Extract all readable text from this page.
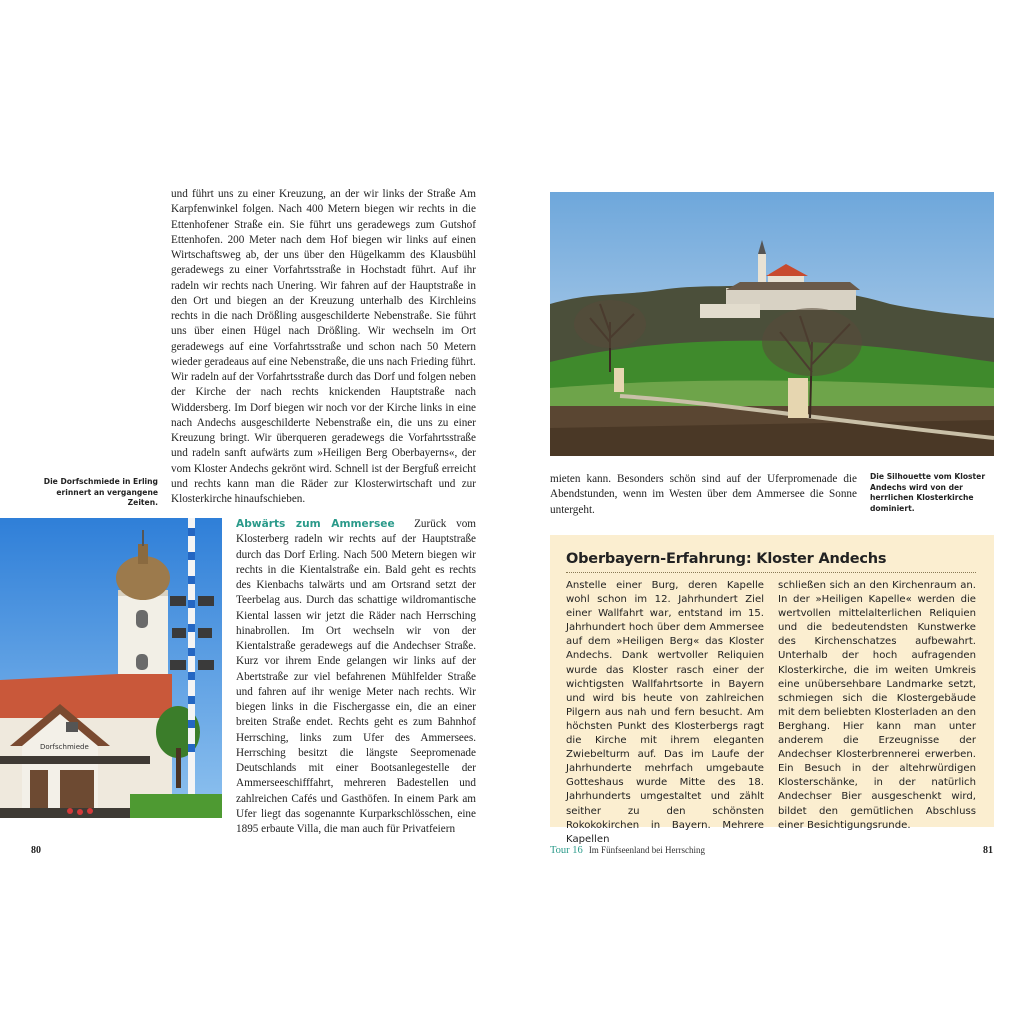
und führt uns zu einer Kreuzung, an der wir links der Straße Am Karpfenwinkel folgen. Nach 400 Metern biegen wir rechts in die Ettenhofener Straße ein. Sie führt uns geradewegs zum Gutshof Ettenhofen. 200 Meter nach dem Hof biegen wir links auf einen Wirtschaftsweg ab, der uns über den Hügelkamm des Klausbühl geradewegs zu einer Vorfahrtsstraße in Hochstadt führt. Auf ihr radeln wir rechts nach Unering. Wir fahren auf der Hauptstraße in den Ort und biegen an der Kreuzung unterhalb des Kirchleins rechts in die nach Drößling ausgeschilderte Nebenstraße. Sie führt uns über einen Hügel nach Drößling. Wir wechseln im Ort geradewegs auf eine Vorfahrtsstraße und schon nach 50 Metern wieder geradeaus auf eine Nebenstraße, die uns nach Frieding führt.

Wir radeln auf der Vorfahrtsstraße durch das Dorf und folgen neben der Kirche der nach rechts knickenden Hauptstraße nach Widdersberg. Im Dorf biegen wir noch vor der Kirche links in eine nach Andechs ausgeschilderte Nebenstraße ein, die uns zu einer Kreuzung bringt. Wir überqueren geradewegs die Vorfahrtsstraße und radeln sanft aufwärts zum »Heiligen Berg Oberbayerns«, der vom Kloster Andechs gekrönt wird. Schnell ist der Bergfuß erreicht und rechts kann man die Räder zur Klosterwirtschaft und zur Klosterkirche hinaufschieben.

Die Dorfschmiede in Erling erinnert an vergangene Zeiten.
Dorfschmiede

Abwärts zum Ammersee Zurück vom Klosterberg radeln wir rechts auf der Hauptstraße durch das Dorf Erling. Nach 500 Metern biegen wir rechts in die Kientalstraße ein. Bald geht es rechts des Kienbachs talwärts und am Ortsrand setzt der Teerbelag aus. Durch das schattige wildromantische Kiental lassen wir jetzt die Räder nach Herrsching hinabrollen. Im Ort wechseln wir von der Kientalstraße geradewegs auf die Andechser Straße. Kurz vor ihrem Ende gelangen wir links auf der Abertstraße zur viel befahrenen Mühlfelder Straße und fahren auf ihr wenige Meter nach rechts. Wir biegen links in die Fischergasse ein, die an einer breiten Straße endet. Rechts geht es zum Bahnhof Herrsching, links zum Ufer des Ammersees. Herrsching besitzt die längste Seepromenade Deutschlands mit einer Bootsanlegestelle der Ammerseeschifffahrt, mehreren Badestellen und zahlreichen Cafés und Gasthöfen. In einem Park am Ufer liegt das sogenannte Kurparkschlösschen, eine 1895 erbaute Villa, die man auch für Privatfeiern

80
mieten kann. Besonders schön sind auf der Uferpromenade die Abendstunden, wenn im Westen über dem Ammersee die Sonne untergeht.
Die Silhouette vom Kloster Andechs wird von der herrlichen Klosterkirche dominiert.
Oberbayern-Erfahrung: Kloster Andechs
Anstelle einer Burg, deren Kapelle wohl schon im 12. Jahrhundert Ziel einer Wallfahrt war, entstand im 15. Jahrhundert hoch über dem Ammersee auf dem »Heiligen Berg« das Kloster Andechs. Dank wertvoller Reliquien wurde das Kloster rasch einer der wichtigsten Wallfahrtsorte in Bayern und wird bis heute von zahlreichen Pilgern aus nah und fern besucht. Am höchsten Punkt des Klosterbergs ragt die Kirche mit ihrem eleganten Zwiebelturm auf. Das im Laufe der Jahrhunderte mehrfach umgebaute Gotteshaus wurde Mitte des 18. Jahrhunderts umgestaltet und zählt seither zu den schönsten Rokokokirchen in Bayern. Mehrere Kapellen
schließen sich an den Kirchenraum an. In der »Heiligen Kapelle« werden die wertvollen mittelalterlichen Reliquien und die bedeutendsten Kunstwerke des Kirchenschatzes aufbewahrt. Unterhalb der hoch aufragenden Klosterkirche, die im weiten Umkreis eine unübersehbare Landmarke setzt, schmiegen sich die Klostergebäude mit dem beliebten Klosterladen an den Berghang. Hier kann man unter anderem die Erzeugnisse der Andechser Klosterbrennerei erwerben. Ein Besuch in der altehrwürdigen Klosterschänke, in der natürlich Andechser Bier ausgeschenkt wird, bildet den gemütlichen Abschluss einer Besichtigungsrunde.
Tour 16 Im Fünfseenland bei Herrsching	81
